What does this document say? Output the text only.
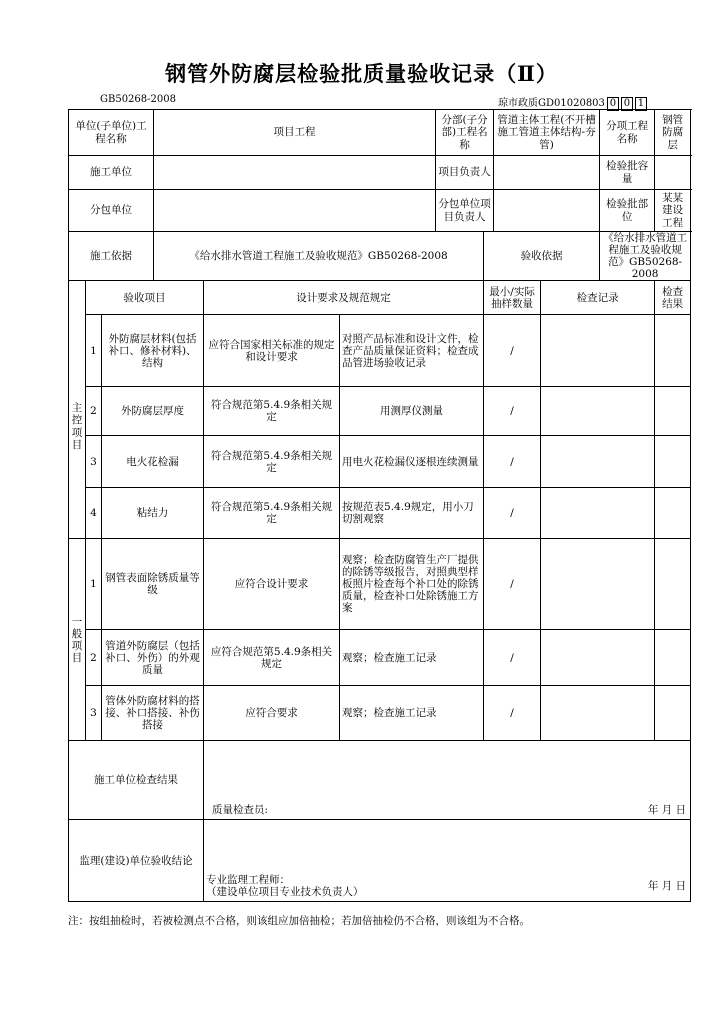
钢管外防腐层检验批质量验收记录（Ⅱ）
GB50268-2008	琼市政质GD01020803 0 0 1
单位(子单位)工程名称			项目工程			分部(子分部)工程名称		管道主体工程(不开槽施工管道主体结构-夯管)		分项工程名称	钢管防腐层
施工单位						项目负责人				检验批容量	
分包单位						分包单位项目负责人				检验批部位	某某建设工程
施工依据			《给水排水管道工程施工及验收规范》GB50268-2008				验收依据			《给水排水管道工程施工及验收规范》GB50268-2008	
	验收项目			设计要求及规范规定			最小/实际抽样数量		检查记录		检查结果
主控项目	1	外防腐层材料(包括补口、修补材料)、结构		应符合国家相关标准的规定和设计要求	对照产品标准和设计文件，检查产品质量保证资料；检查成品管进场验收记录		/				
	2	外防腐层厚度		符合规范第5.4.9条相关规定	用测厚仪测量		/				
	3	电火花检漏		符合规范第5.4.9条相关规定	用电火花检漏仪逐根连续测量		/				
	4	粘结力		符合规范第5.4.9条相关规定	按规范表5.4.9规定，用小刀切割观察		/				
一般项目	1	钢管表面除锈质量等级		应符合设计要求	观察；检查防腐管生产厂提供的除锈等级报告，对照典型样板照片检查每个补口处的除锈质量，检查补口处除锈施工方案		/				
	2	管道外防腐层（包括补口、外伤）的外观质量		应符合规范第5.4.9条相关规定	观察；检查施工记录		/				
	3	管体外防腐材料的搭接、补口搭接、补伤搭接		应符合要求	观察；检查施工记录		/				
施工单位检查结果				质量检查员: 年 月 日							

监理(建设)单位验收结论				专业监理工程师：
（建设单位项目专业技术负责人） 年 月 日							
注：按组抽检时，若被检测点不合格，则该组应加倍抽检；若加倍抽检仍不合格，则该组为不合格。
